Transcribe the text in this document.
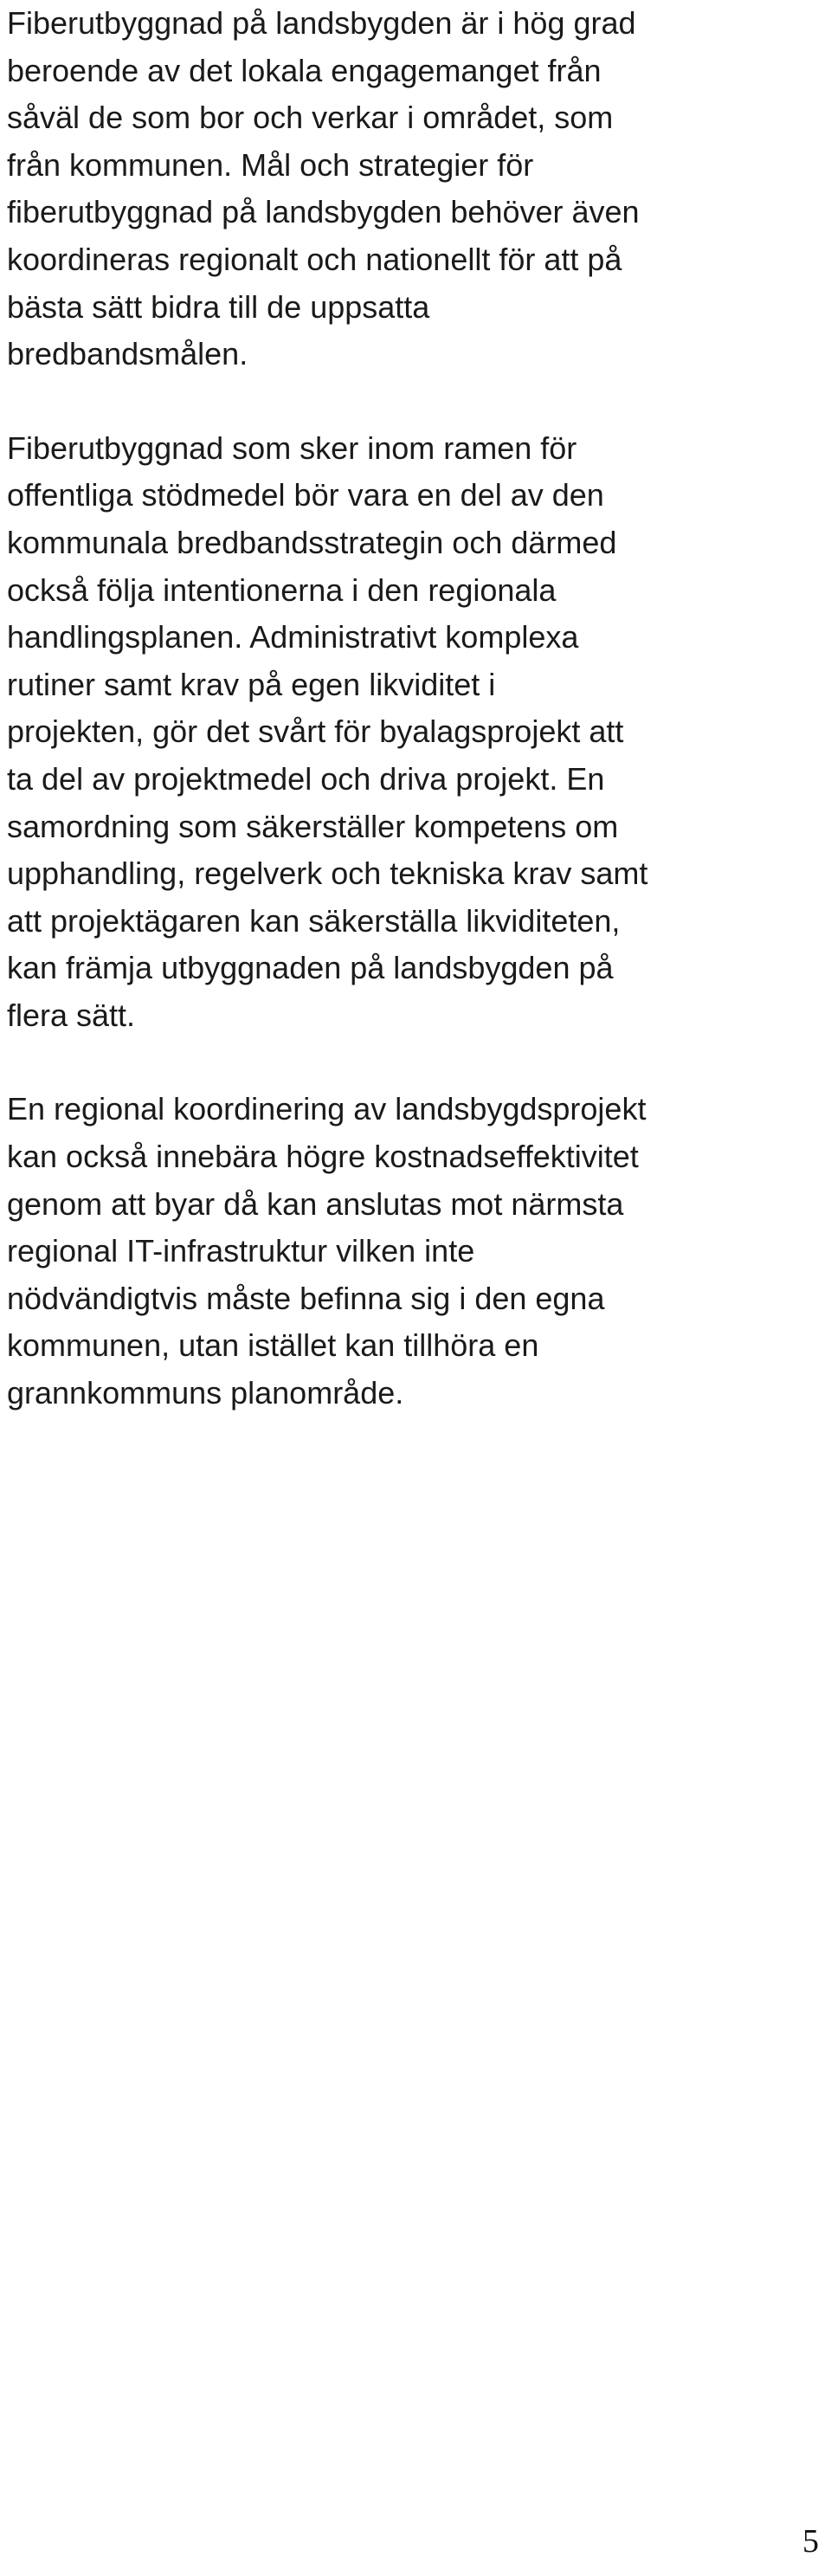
Fiberutbyggnad på landsbygden är i hög grad
beroende av det lokala engagemanget från
såväl de som bor och verkar i området, som
från kommunen. Mål och strategier för
fiberutbyggnad på landsbygden behöver även
koordineras regionalt och nationellt för att på
bästa sätt bidra till de uppsatta
bredbandsmålen.

Fiberutbyggnad som sker inom ramen för
offentliga stödmedel bör vara en del av den
kommunala bredbandsstrategin och därmed
också följa intentionerna i den regionala
handlingsplanen. Administrativt komplexa
rutiner samt krav på egen likviditet i
projekten, gör det svårt för byalagsprojekt att
ta del av projektmedel och driva projekt. En
samordning som säkerställer kompetens om
upphandling, regelverk och tekniska krav samt
att projektägaren kan säkerställa likviditeten,
kan främja utbyggnaden på landsbygden på
flera sätt.

En regional koordinering av landsbygdsprojekt
kan också innebära högre kostnadseffektivitet
genom att byar då kan anslutas mot närmsta
regional IT-infrastruktur vilken inte
nödvändigtvis måste befinna sig i den egna
kommunen, utan istället kan tillhöra en
grannkommuns planområde.

5
